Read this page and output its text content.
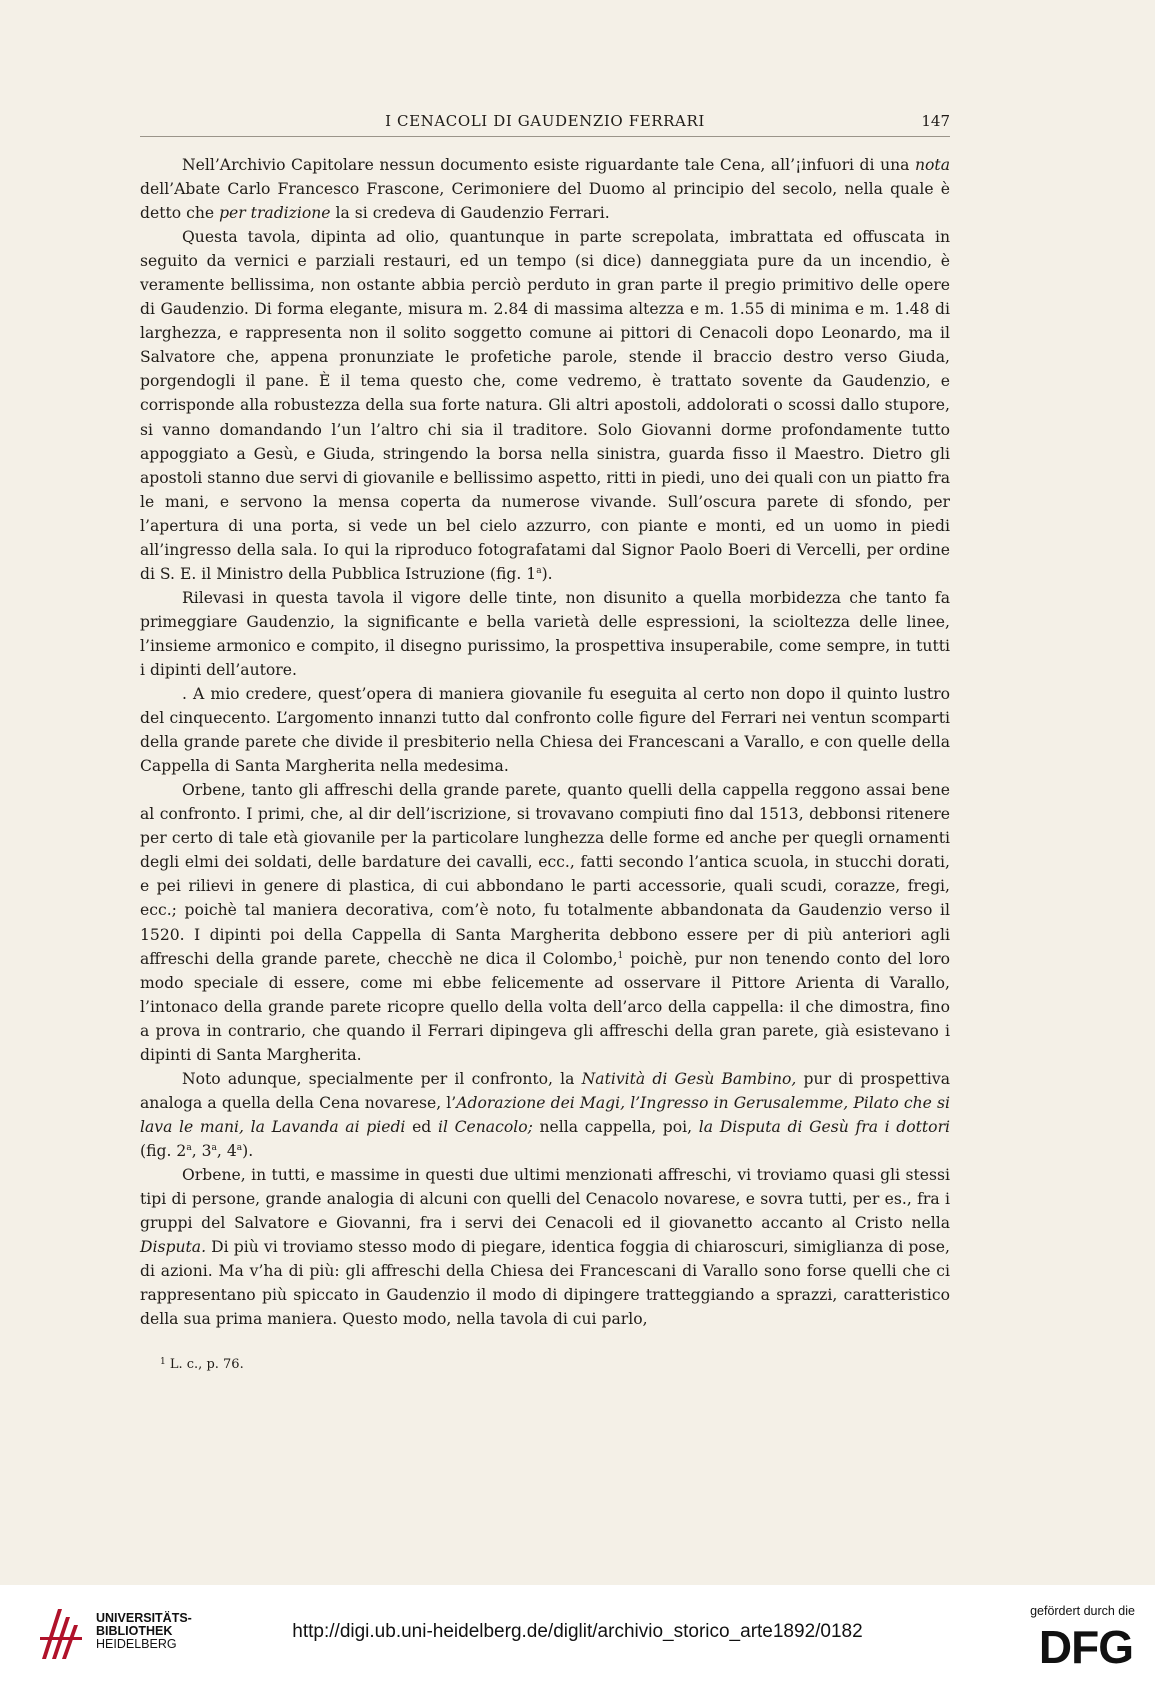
I CENACOLI DI GAUDENZIO FERRARI	147

Nell’Archivio Capitolare nessun documento esiste riguardante tale Cena, all’¡infuori di una nota dell’Abate Carlo Francesco Frascone, Cerimoniere del Duomo al principio del secolo, nella quale è detto che per tradizione la si credeva di Gaudenzio Ferrari.

Questa tavola, dipinta ad olio, quantunque in parte screpolata, imbrattata ed offuscata in seguito da vernici e parziali restauri, ed un tempo (si dice) danneggiata pure da un incendio, è veramente bellissima, non ostante abbia perciò perduto in gran parte il pregio primitivo delle opere di Gaudenzio. Di forma elegante, misura m. 2.84 di massima altezza e m. 1.55 di minima e m. 1.48 di larghezza, e rappresenta non il solito soggetto comune ai pittori di Cenacoli dopo Leonardo, ma il Salvatore che, appena pronunziate le profetiche parole, stende il braccio destro verso Giuda, porgendogli il pane. È il tema questo che, come vedremo, è trattato sovente da Gaudenzio, e corrisponde alla robustezza della sua forte natura. Gli altri apostoli, addolorati o scossi dallo stupore, si vanno domandando l’un l’altro chi sia il traditore. Solo Giovanni dorme profondamente tutto appoggiato a Gesù, e Giuda, stringendo la borsa nella sinistra, guarda fisso il Maestro. Dietro gli apostoli stanno due servi di giovanile e bellissimo aspetto, ritti in piedi, uno dei quali con un piatto fra le mani, e servono la mensa coperta da numerose vivande. Sull’oscura parete di sfondo, per l’apertura di una porta, si vede un bel cielo azzurro, con piante e monti, ed un uomo in piedi all’ingresso della sala. Io qui la riproduco fotografatami dal Signor Paolo Boeri di Vercelli, per ordine di S. E. il Ministro della Pubblica Istruzione (fig. 1$^a$).

Rilevasi in questa tavola il vigore delle tinte, non disunito a quella morbidezza che tanto fa primeggiare Gaudenzio, la significante e bella varietà delle espressioni, la scioltezza delle linee, l’insieme armonico e compito, il disegno purissimo, la prospettiva insuperabile, come sempre, in tutti i dipinti dell’autore.

. A mio credere, quest’opera di maniera giovanile fu eseguita al certo non dopo il quinto lustro del cinquecento. L’argomento innanzi tutto dal confronto colle figure del Ferrari nei ventun scomparti della grande parete che divide il presbiterio nella Chiesa dei Francescani a Varallo, e con quelle della Cappella di Santa Margherita nella medesima.

Orbene, tanto gli affreschi della grande parete, quanto quelli della cappella reggono assai bene al confronto. I primi, che, al dir dell’iscrizione, si trovavano compiuti fino dal 1513, debbonsi ritenere per certo di tale età giovanile per la particolare lunghezza delle forme ed anche per quegli ornamenti degli elmi dei soldati, delle bardature dei cavalli, ecc., fatti secondo l’antica scuola, in stucchi dorati, e pei rilievi in genere di plastica, di cui abbondano le parti accessorie, quali scudi, corazze, fregi, ecc.; poichè tal maniera decorativa, com’è noto, fu totalmente abbandonata da Gaudenzio verso il 1520. I dipinti poi della Cappella di Santa Margherita debbono essere per di più anteriori agli affreschi della grande parete, checchè ne dica il Colombo,$^1$ poichè, pur non tenendo conto del loro modo speciale di essere, come mi ebbe felicemente ad osservare il Pittore Arienta di Varallo, l’intonaco della grande parete ricopre quello della volta dell’arco della cappella: il che dimostra, fino a prova in contrario, che quando il Ferrari dipingeva gli affreschi della gran parete, già esistevano i dipinti di Santa Margherita.

Noto adunque, specialmente per il confronto, la Natività di Gesù Bambino, pur di prospettiva analoga a quella della Cena novarese, l’Adorazione dei Magi, l’Ingresso in Gerusalemme, Pilato che si lava le mani, la Lavanda ai piedi ed il Cenacolo; nella cappella, poi, la Disputa di Gesù fra i dottori (fig. 2$^a$, 3$^a$, 4$^a$).

Orbene, in tutti, e massime in questi due ultimi menzionati affreschi, vi troviamo quasi gli stessi tipi di persone, grande analogia di alcuni con quelli del Cenacolo novarese, e sovra tutti, per es., fra i gruppi del Salvatore e Giovanni, fra i servi dei Cenacoli ed il giovanetto accanto al Cristo nella Disputa. Di più vi troviamo stesso modo di piegare, identica foggia di chiaroscuri, simiglianza di pose, di azioni. Ma v’ha di più: gli affreschi della Chiesa dei Francescani di Varallo sono forse quelli che ci rappresentano più spiccato in Gaudenzio il modo di dipingere tratteggiando a sprazzi, caratteristico della sua prima maniera. Questo modo, nella tavola di cui parlo,

$^1$ L. c., p. 76.
UNIVERSITÄTS-
BIBLIOTHEK
HEIDELBERG
http://digi.ub.uni-heidelberg.de/diglit/archivio_storico_arte1892/0182
gefördert durch die
DFG
